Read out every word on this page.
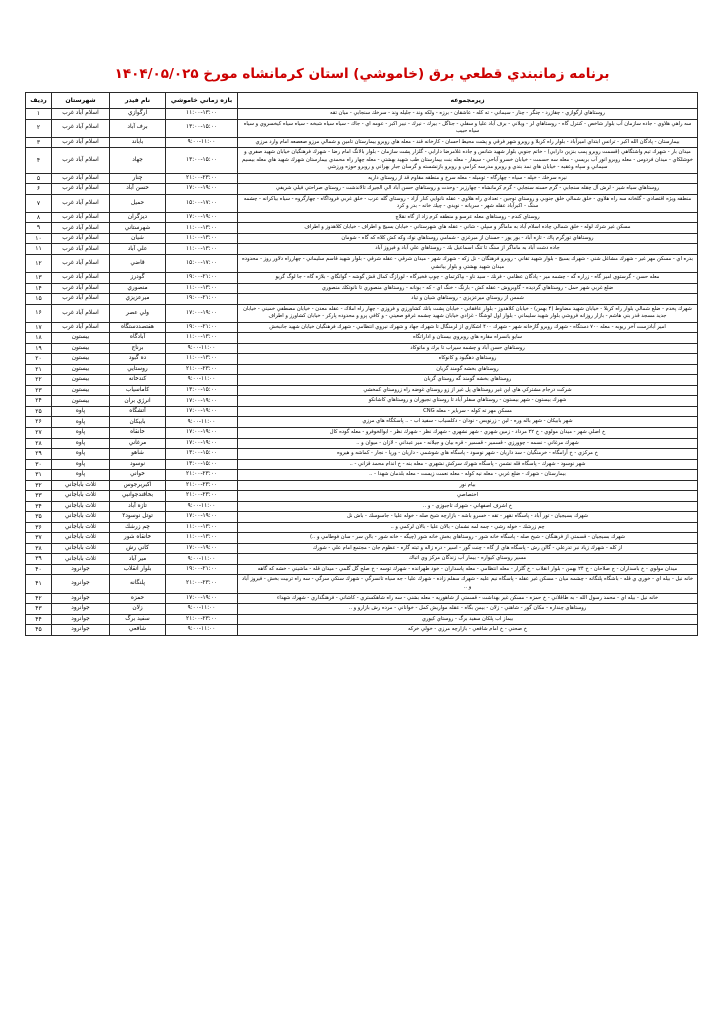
برنامه زمانبندي قطعي برق (خاموشي) استان كرمانشاه مورخ ۱۴۰۴/۰۵/۰۲۵
زيرمجموعه	بازه زماني خاموشي	نام فيدر	شهرستان	رديف
روستاهاي ارگوازي - چقازرد - چنگر - چنار - سيماني - ته كله - عاشقان - برزه - ولكه وند - جليله وند - سرخك سنجابي - ميان تقه	۱۱:۰۰-۱۳:۰۰	ارگوازي	اسلام آباد غرب	۱
سه راهي هلاوي - جاده سازمان آب بلوار شاخص - كنترل گاه - روستاهاي لر - ويلاني - برف آباد عليا و سفلي - جناگل - بيرك - نيرك - نيبر اكبر - عومه اي - جاك - سياه سياه شبخه - سياه سياه كيخسروي و سياه سياه حبيب	۱۳:۰۰-۱۵:۰۰	برف آباد	اسلام آباد غرب	۲
بيمارستان - پادگان الله اكبر - ترانس ابتداي اميرآباد - بلوار راه كربلا و روبرو شهر فرقي و پشت محيط احسان - كارخانه قند - معله هاي روبرو بيمارستان تامين و شمالي مرزو صعصعه امام وارد مرزي	۹:۰۰-۱۱:۰۰	باباند	اسلام آباد غرب	۳
ميدان بار - شهرك تيم واشتگاهي (قسمت روبرو پمب بنزين دارابي) - خاتم جنوبي بلوار شهيد شانس و جاده غلامرضا دارابي - گلزار پشت سازمان - بلوار بالانگ امام رضا - شهرك فرهنگيان خيابان شهيد صفري و خوشلكاي - ميدان فردوس - معله روبرو انور آب بريسي - معله سه حسمت - خيابان خسرو آباحي - سيفار - معله بنت بيمارستان طب شهيد بهشتي - معله چهار راه محمدي بيمارستان شهرك شهيد هاي معله بيسيم سيماني و سپاه وعقبه - خيابان هاي نمد بندي و روبرو مدرسه كرامي و روبرو بازنشسته و گرسان جبار بهراني و روبرو حوزه ورزشي	۱۳:۰۰-۱۵:۰۰	جهاد	اسلام آباد غرب	۴
نيره سرخك - خپله - سياه - چهارگاه - توميله - معله سرخ و منطقه مقاوم قد از روستاي داريه	۲۱:۰۰-۲۳:۰۰	چنار	اسلام آباد غرب	۵
روستاهاي سياه شير - لرش آل چقله سنجابي - گرم حسنه سنجابي - گرم كرمانشاه - چهارزبر - وحدت و روستاهاي حسن آباد الي الجيرك تالاندشت - روستاي صراحتي فيلي شريفي	۱۷:۰۰-۱۹:۰۰	حسن آباد	اسلام آباد غرب	۶
منطقه ويژه اقتصادي - گلخانه سه راه هلاوي - خلق شمالي خلق جنوبي و روستاي توجين - تعدادي راه هلاوي - عقله نانوايي كنار آزاد - روستاي گله عرب - خلق غربي فروداگاه - چهارگروه - سياه بياكرانه - چشمه سنگ - اكبرآباد عقله شهر - سريانه - نويدي - چيك خانه - بدر و كرد	۱۵:۰۰-۱۷:۰۰	حميل	اسلام آباد غرب	۷
روستاي كندم - روستاهاي معله عرسو و منطقه كرم زاد از گاه نقلاچ	۱۷:۰۰-۱۹:۰۰	ديزگران	اسلام آباد غرب	۸
مسكن غير شرك لوله - خلق شمالي چاده اسلام آباد به ماماگر و سپلي - شاني - عقله هاي شهرستاني - خيابان بسيج و اطراف - خيابان كلاهدوز و اطراف	۱۱:۰۰-۱۳:۰۰	شهرستاني	اسلام آباد غرب	۹
روستاهاي تورگرم پاك - تازه آباد - بور يور - حسنان از مبرغزي - شمامي روستاهاي نوك وكه كش كلاه كه گاه - شومان	۱۱:۰۰-۱۳:۰۰	شيان	اسلام آباد غرب	۱۰
جاده دشت آباد به ماماگر از سنگ تا تنگ اسماعيل بك - روستاهاي علي آباد و فيروز آباد	۱۱:۰۰-۱۳:۰۰	علي آباد	اسلام آباد غرب	۱۱
بدره اي - مسكن مهر غير - شهرك مشاغل شني - شهرك بسيج - بلوار شهيد تقاني - روبرو فرهنگان - نل زكه - شهرك شهر - ميدان شرقي - عقله شرقي - بلوار شهيد قاسم سليماني - چهارراه دلاور روز - محدوده ميدان شهيد بهشتي و بلوار بيانشي	۱۵:۰۰-۱۷:۰۰	قاضي	اسلام آباد غرب	۱۲
معله حسن - گرستوي امير گاه - زراره گه - چشمه مير - پادگان عظامي - فرنك - سيد ناو - بپاكرتماي - چوپ فخيرگاه - لورازگ كمال قش گوشه - گوانگاي - بلازه گاه - جا لوگ گريو	۱۹:۰۰-۲۱:۰۰	گودرز	اسلام آباد غرب	۱۳
ضلع غربي شهر حمل - روستاهاي گرديده - گاوبروش - عقله كش - بارنگ - خنگ اي - كه - بونانه - روستاهاي منصوري تا نانوتكك منصوري	۱۱:۰۰-۱۳:۰۰	منصوري	اسلام آباد غرب	۱۴
شمس از روستاي ميرعزيزي - روستاهاي شيان و تياد	۱۹:۰۰-۲۱:۰۰	ميرعزيزي	اسلام آباد غرب	۱۵
شهرك پخدم - ضلع شمالي بلوار راه كربلا - خيابان شهيد مضاوط (۴ بهمن) - خيابان كلاهدوز - بلوار عافقاني - خيابان پشت بانك كشاورزي و فروزي - چهار راه املاك - عقله معدن - خيابان مصطفي خميني - خيابان جديد مسجد قدر بني هاشم - بازار روزانه فروشي بلوار شهيد سليماني - بلوار اول لوشگا - غزادي خيابان شهيد چشمه غرفو صعيني - و كافي پرو و محدوده پاركر - خيابان كشاورز و اطراف	۱۷:۰۰-۱۹:۰۰	ولي عصر	اسلام آباد غرب	۱۶
امير آبادزست آخر ريوبه - معله ۷۰۰ دستگاه - شهرك روبرو گازخانه شهر - شهرك ۴۰۰ اشكاري از لرمنگال تا شهرك جهاد و شهرك نيروي انتظامي - شهرك فرهنگيان خيابان شهيد جانبخش	۱۹:۰۰-۲۱:۰۰	هفتصددستگاه	اسلام آباد غرب	۱۷
سايو بانسراه مقاره هاي روبروي بيستان و اداراتگاه	۱۱:۰۰-۱۳:۰۰	آبادگاه	بيستون	۱۸
روستاهاي حسن آباد و چشمه سيراب تا برك و ماتوكاد	۹:۰۰-۱۱:۰۰	برناج	بيستون	۱۹
روستاهاي دهگبود و كانوكاه	۱۱:۰۰-۱۳:۰۰	ده گبود	بيستون	۲۰
روستاهاي بخشه گومند گريان	۲۱:۰۰-۲۳:۰۰	روستايي	بيستون	۲۱
روستاهاي بخشه گومند گه روستاي گريان	۹:۰۰-۱۱:۰۰	كندخانه	بيستون	۲۲
شركت درجام مشتركي هاي اين غير روستاهاي پل غير از زو روستاي غوضه راه زروستاي كمخشي	۱۳:۰۰-۱۵:۰۰	كاماسياب	بيستون	۲۳
شهرك بيستون - شهر بيستون - روستاهاي سفلر آباد تا روستاي نجيوران و روستاهاي كاشانكو	۱۷:۰۰-۱۹:۰۰	انرژي بران	بيستون	۲۴
مسكن مهر ته كوله - سرباير - معله CNG	۱۷:۰۰-۱۹:۰۰	آتشگاه	پاوه	۲۵
شهر بابيكان - شهر باله وره - لين - زرنويس - نودان - دكلسياب - سفيد اب - .. پاسكگاه هاي مرزي	۹:۰۰-۱۱:۰۰	بابيكان	پاوه	۲۶
خ اصلي شهر - ميدان مولوي - خ ۲۲ مرداد - زمين شهري - شهر نشهري - شهرك نظر - شهرك نظر - ابوالخوفرو - معله گوده كال	۱۷:۰۰-۱۹:۰۰	خانقاه	پاوه	۲۷
شهرك مرغاني - نسمه - چوورزي - قسمير - قسمير - قره بيان و جيلانه - مير عبداني - لازان - ميوان و ..	۱۷:۰۰-۱۹:۰۰	مرغاني	پاوه	۲۸
خ مركزي - خ آرامگاه - خرمنگيان - سد داريان - شهر نوسود - پاسگاه هاي شوشمي - داريان - ورپا - نجار - كماشه و هيروه	۱۳:۰۰-۱۵:۰۰	شاهو	پاوه	۲۹
شهر نوسود - شهرك - پاسگاه قله نشمن - پاسگاه شهرك سركش نشهري - معله بنه - خ اندام محمد قزاني - ..	۱۳:۰۰-۱۵:۰۰	نوسود	پاوه	۳۰
بيمارستان - شهرك - ضلع غربي - معله نيه كوله - معله نعمت زيست - معله بلدمان شهدا - ..	۲۱:۰۰-۲۳:۰۰	خواني	پاوه	۳۱
بيام نور	۲۱:۰۰-۲۳:۰۰	اكبربرجوس	ثلاث باباجاني	۳۲
اختصاصي	۲۱:۰۰-۲۳:۰۰	بخاقندجوانبي	ثلاث باباجاني	۳۳
خ اشرف اصفهاني - شهرك تاجبوزي - و ..	۹:۰۰-۱۱:۰۰	تازه آباد	ثلاث باباجاني	۳۴
شهرك بسيجيان - تور آباد - پاسگاه نقهر - تقه - خسرو باشه - بازارچه شيخ صله - خوله عليا - جاسوسك - باش نل	۱۷:۰۰-۱۹:۰۰	توتل نوسود۲	ثلاث باباجاني	۳۵
چم زرشك - خوله رشي - چمه لمه نشمان - بالان عليا - بالان لركمي و ..	۱۱:۰۰-۱۳:۰۰	چم زرشك	ثلاث باباجاني	۳۶
شهرك بسيجيان - قسمتي از فرهنگان - شيخ صله - پاسگاه خانه شور - روستاهاي بخش خانه شور (چيگه - خانه شور - بالن سر - سان فوطامي و ..)	۱۱:۰۰-۱۳:۰۰	خانقاه شور	ثلاث باباجاني	۳۷
از كله - شهرك زياد نبر تدرعلي - گالن رش - پاسگاه هاي از گاه - چنت گور - اسير - دره زاله و ثبته گاره - عظوم جان - مجتمع امام علي - شورك	۱۷:۰۰-۱۹:۰۰	كاني رش	ثلاث باباجاني	۳۸
مسير روستاي كيواره - بيمار آب زندگان مركز وي اتباك	۹:۰۰-۱۱:۰۰	مير آباد	ثلاث باباجاني	۳۹
ميدان مولوي - خ باسداران - ج صلاحان - خ ۲۴ بهمن - بلوار انقلاب - خ گلزار - معله انتظامي - معله پاسداران - خود طهرانده - شهرك توسه - خ صلح گل گلمي - ميدان قله - ماشيني - خشه كه گاهه	۱۹:۰۰-۲۱:۰۰	بلوار انقلاب	جوانرود	۴۰
خانه نيل - بيله اي - خوري ي قله - باشگاه پلنگانه - چشمه ميان - مسكن غير عقله - پاسگاه نيم عليه - شهرك سفلم زاده - شهرك عليا - جه سياه تانسرگي - شهرك سنكي سرگي - سه راه تربيت بخش - فيروز آباد و ..	۲۱:۰۰-۲۳:۰۰	پلنگانه	جوانرود	۴۱
خانه نيل - بيله اي - محمد رسول الله - به طاقلاني - خ حمزه - مسكن غير بهداشت - قسمتي از شاهوريه - معله بشني - سه راه شاهكستري - كاشاني - فرهنگداري - شهرك شهداء	۱۷:۰۰-۱۹:۰۰	حمزه	جوانرود	۴۲
روستاهاي چنداره - مكان گور - شاهني - زلان - بيمن بگاه - عقله مواريش كمل - خواناني - مرده رش بازارو و ..	۹:۰۰-۱۱:۰۰	زلان	جوانرود	۴۳
بيماز اب پلكان سفيد برگ - روستاي كيوري	۲۱:۰۰-۲۳:۰۰	سفيد برگ	جوانرود	۴۴
خ صحني - خ امام شافعي - بازارچه مرزي - خولي خركه	۹:۰۰-۱۱:۰۰	شافعي	جوانرود	۴۵
